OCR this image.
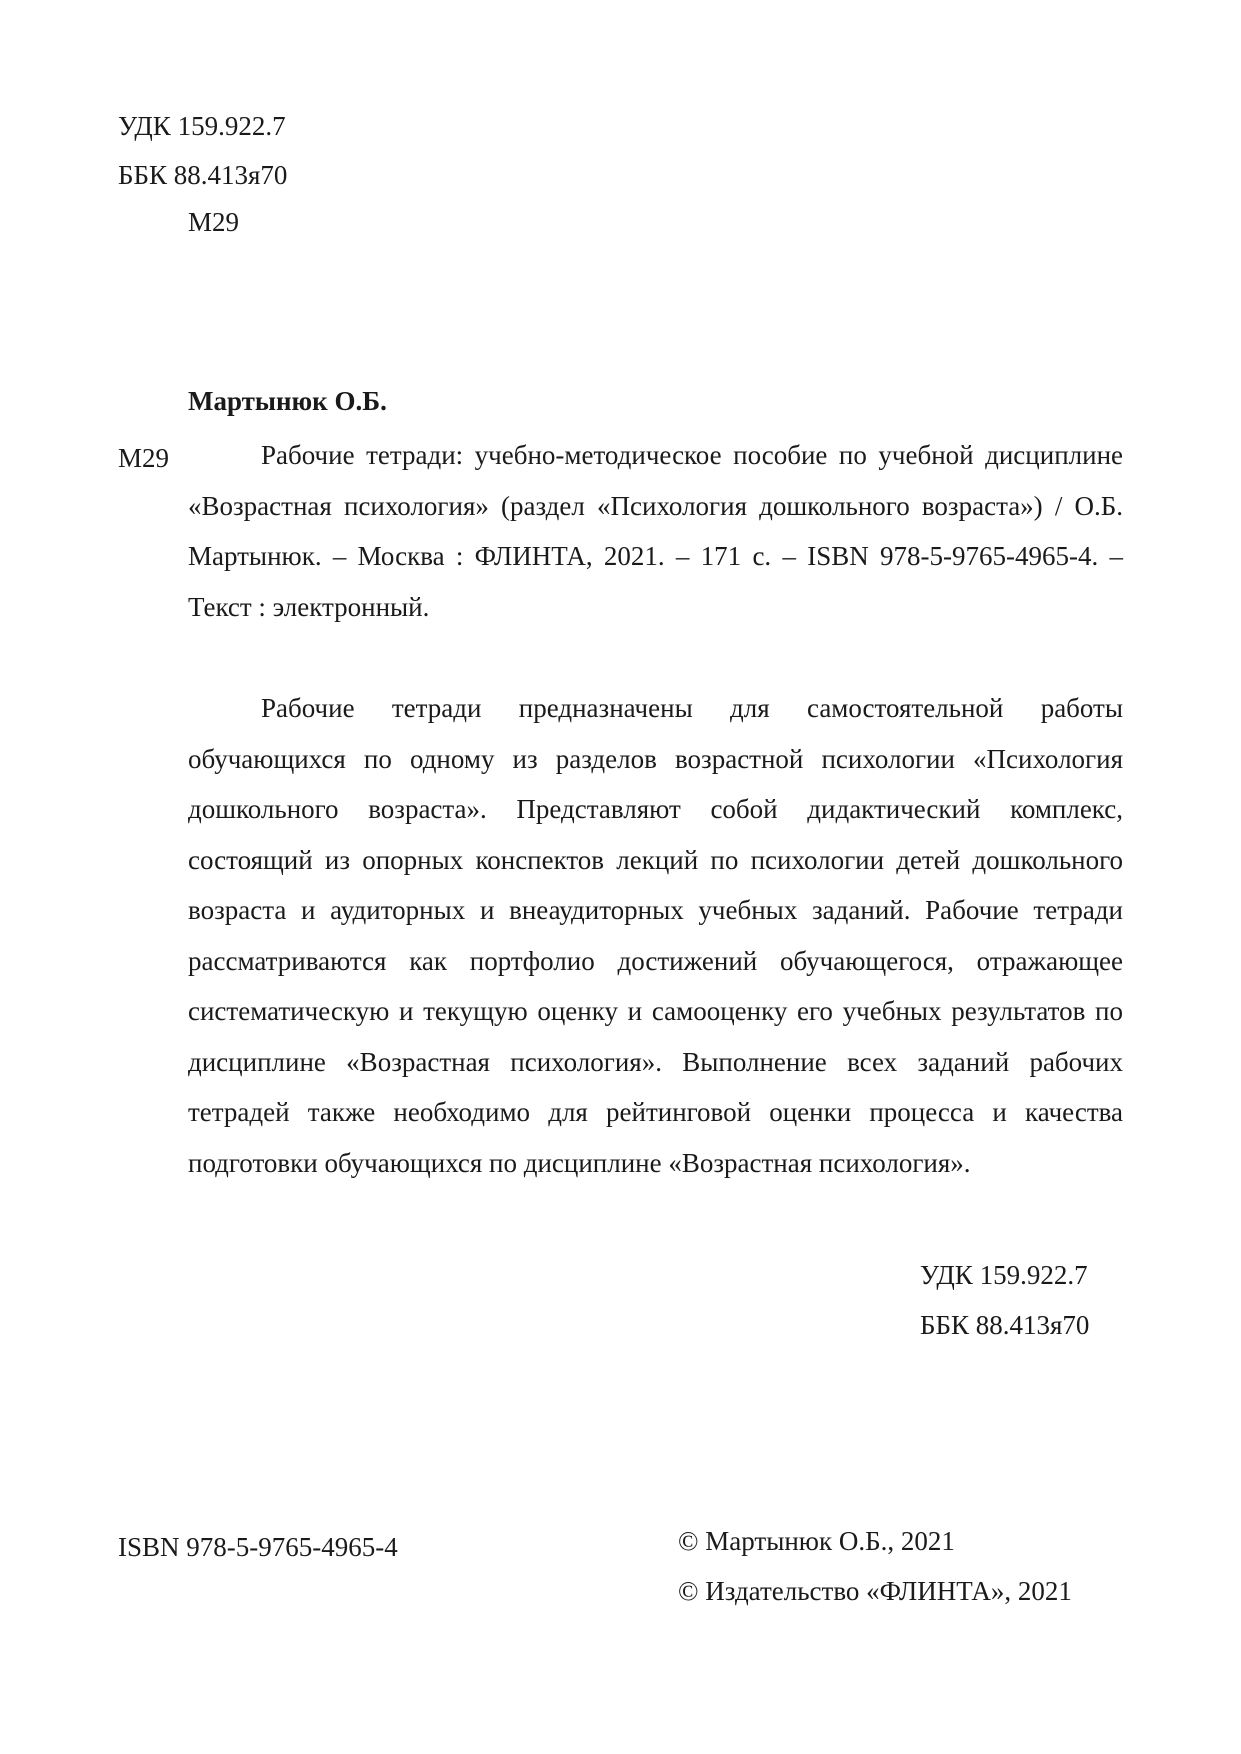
УДК 159.922.7
ББК 88.413я70
М29
Мартынюк О.Б.
М29	Рабочие тетради: учебно-методическое пособие по учебной дисциплине «Возрастная психология» (раздел «Психология дошкольного возраста») / О.Б. Мартынюк. – Москва : ФЛИНТА, 2021. – 171 с. – ISBN 978-5-9765-4965-4. – Текст : электронный.

Рабочие тетради предназначены для самостоятельной работы обучающихся по одному из разделов возрастной психологии «Психология дошкольного возраста». Представляют собой дидактический комплекс, состоящий из опорных конспектов лекций по психологии детей дошкольного возраста и аудиторных и внеаудиторных учебных заданий. Рабочие тетради рассматриваются как портфолио достижений обучающегося, отражающее систематическую и текущую оценку и самооценку его учебных результатов по дисциплине «Возрастная психология». Выполнение всех заданий рабочих тетрадей также необходимо для рейтинговой оценки процесса и качества подготовки обучающихся по дисциплине «Возрастная психология».

УДК 159.922.7
ББК 88.413я70
ISBN 978-5-9765-4965-4	© Мартынюк О.Б., 2021
© Издательство «ФЛИНТА», 2021
